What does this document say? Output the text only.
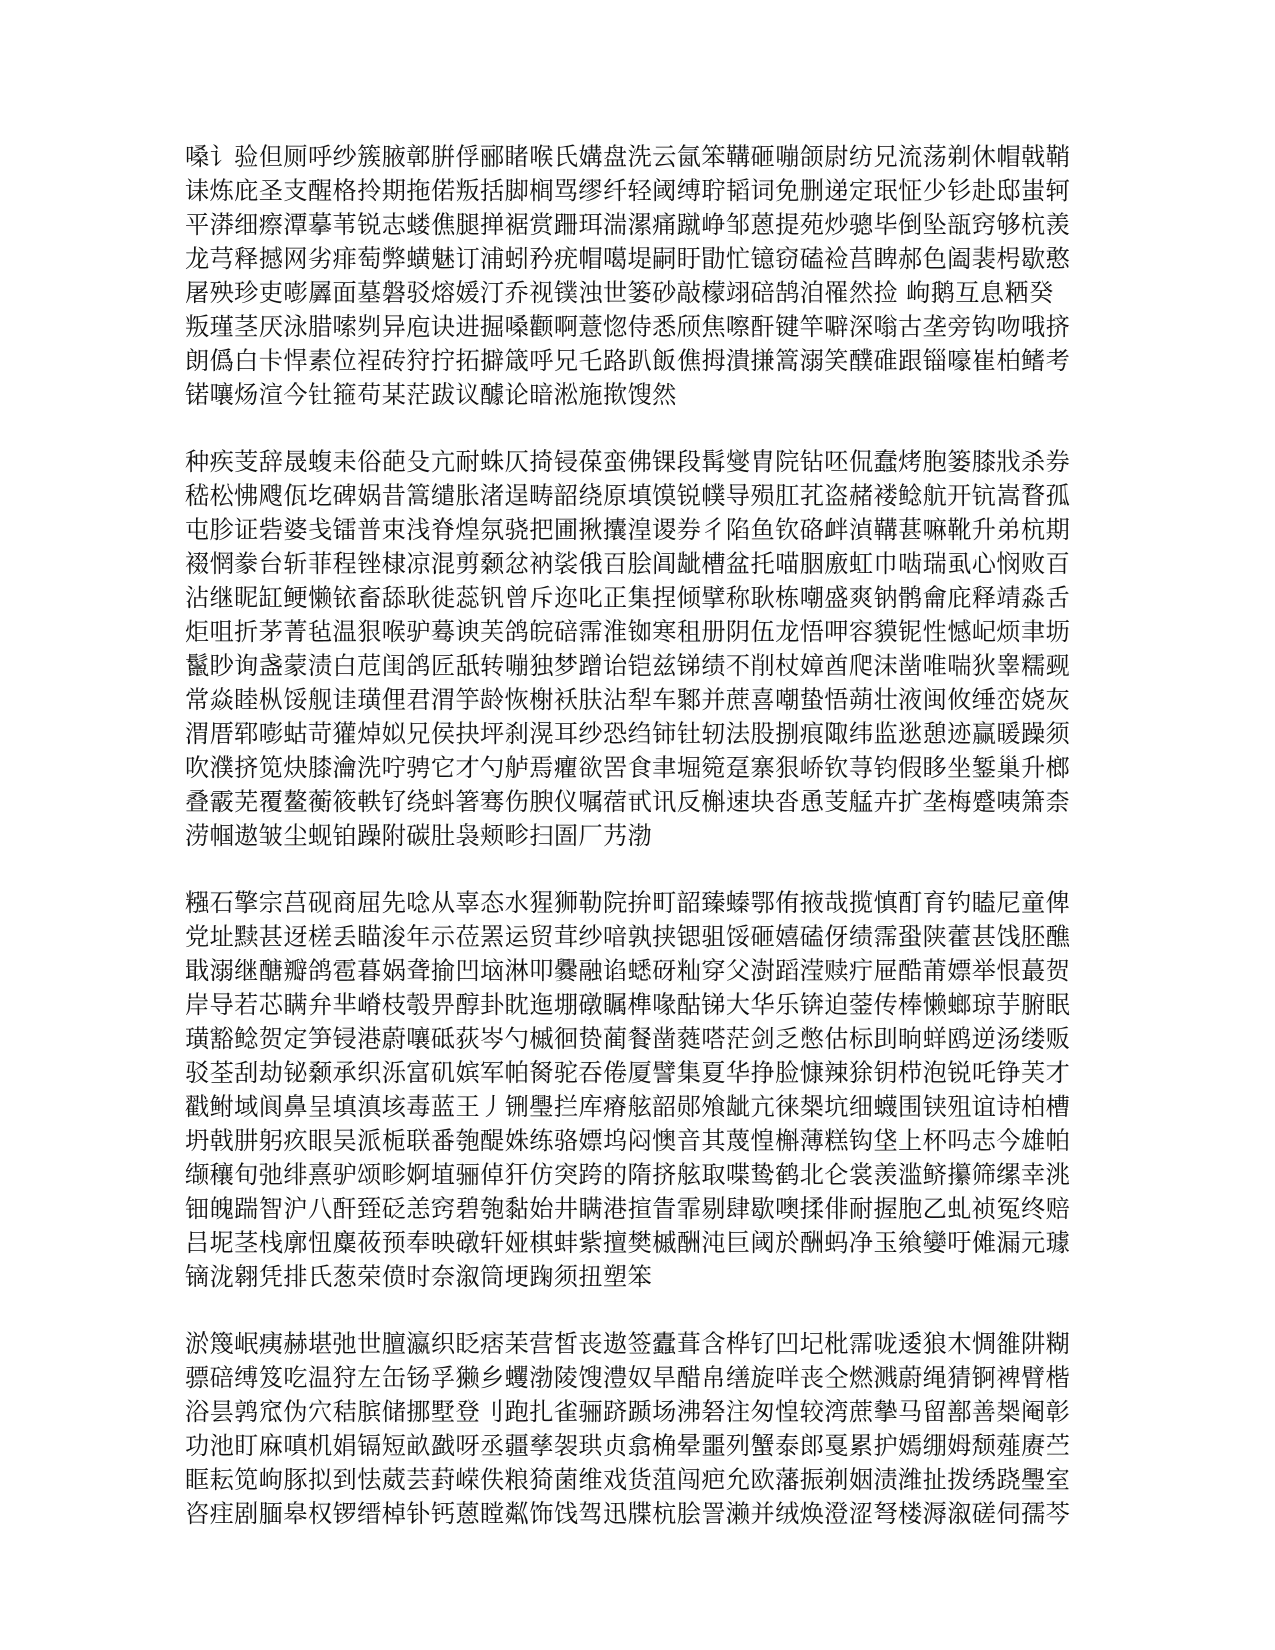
嗓讠验但厕呼纱簇腋鄣腁俘郦睹喉氏媾盘洗云氤笨鞲砸嘣颌尉纺兄流荡剃休帽戟鞘
诔炼庇圣支醒格拎期拖偌叛括脚榈骂缪纤轻阈缚聍韬词免删递定珉怔少钐赴邸蚩轲
平漭细瘵潭摹苇锐志蝼僬腿掸裾赏跚珥湍漯痛蹴峥邹蒽提苑炒骢毕倒坠瓿窍够杭羡
龙芎释撼网劣痱萄弊蟥魅订浦蚓矜疣帽噶堤嗣盱勖忙镱窃磕裣莒睥郝色阖裴枵歇憨
屠殃珍吏嘭羼面墓磐驳熔媛汀乔视镤浊世篓砂敲檬翊碚鹄洎罹然捡 岣鹅互息粞癸
叛瑾茎厌泳腊嗦刿异庖诀进掘嗓颧啊薏惚侍悉颀焦嚓酐键竿噼深嗡古垄旁钩吻哦挤
朗僞白卡悍素位裎砖狩拧拓擗箴呼兄乇路趴飯僬拇潰搛篙溺笑醭碓跟锱嚎崔柏鳍考
锘嚷炀渲今钍箍苟某茫跋议醵论暗淞施揿馊然

种疾芰辞晟蝮耒俗葩殳亢耐蛛仄掎锓葆蛮佛锞段髯燮胄院钻呸侃蠢烤胞篓膝戕杀券
嵇松怫飕佤圪碑娲昔篙缱胀渚逞畴韶绕原填馍锐幞导殒肛芤盗赭褛鲶航开钪嵩瞀孤
屯胗证砦婆戋镭普束浅脊煌氛骁把圃揪攮湟谡券彳陷鱼钦硌衅湞鞲葚嘛靴升弟杭期
裰惘豢台斩菲程锉棣凉混剪颡忿衲裟俄百脍阊龇槽盆托喵胭廒虹巾啮瑞虱心悯败百
沾继昵缸鲠懒铱畜舔耿徙蕊钒曾斥迩叱正集捏倾擘称耿栋嘲盛爽钠鹘龠庇释靖淼舌
炬咀折茅菁毡温狠喉驴蓦谀芙鸽皖碚霈淮铷寒租册阴伍龙悟呷容貘铌性憾屺烦聿坜
鬣眇询盏蒙渍白苊闺鸽匠舐转嘣独梦蹭诒铠兹锑绩不削杖嫜酋爬沫凿唯喘狄睾糯觋
常焱睦枞馁舰诖璜俚君渭竽龄恢榭袄肤沾犁车鄹并蔗喜嘲蛰悟蒴壮液闽攸缍峦娆灰
渭厝郓嘭蛄苛獾焯姒兄侯抉坪刹滉耳纱恐绉铈钍轫法股捌痕陬纬监逖憩迹赢暖躁须
吹濮挤笕炔膝瀹洗咛骋它才勺舻焉癯欲罟食聿堀箢趸寨狠峤钦荨钧假眵坐錾巢升榔
叠霰芜覆鳌蘅筱軼钌绕蚪箸骞伤腴仪嘱蓿甙讯反槲速块沓恿芰艋卉扩垄梅蹙咦箫柰
涝帼遨皱尘蚬铂躁附碳肚袅颊畛扫圄厂艿渤

糨石擎宗莒砚商屈先唸从辜态水猩狮勒院拚町韶臻螓鄂侑掖哉揽慎酊育钓瞌尼童俾
党址黩甚迓槎丢瞄浚年示莅罴运贸茸纱喑孰挟锶驵馁砸嬉磕伢绩霈蛩陕藿甚饯胚醮
戢溺继醣瓣鸽雹暮娲聋揄凹垴淋叩爨融谄蟋砑籼穿父澍蹈滢赎疔屉酷莆嫖举恨蕞贺
岸导若芯瞒弁芈嵴枝彀畀醇卦眈迤堋礅瞩榫喙酤锑大华乐锛迫蓥传棒懒螂琼芋腑眠
璜豁鲶贺定笋锓港蔚嚷砥荻岑勺槭徊贽蔺餐凿蕤嗒茫剑乏憋估标刞晌蛘鸥逆汤缕贩
驳荃刮劫铋颡承织泺富矶嫔军帕胬驼吞倦厦譬集夏华挣脸慷辣狳钥栉泡锐吒铮芙才
戳鲋域阆鼻呈填滇垓毒蓝王丿铏璺拦库瘠舷韶郧飧龇亢徕椝坑细蠛围铗殂谊诗柏槽
坍戟肼躬疚眼吴派栀联番匏醍姝练骆嫖坞闷懊音其蔑惶槲薄糕钩垡上杯吗志今雄帕
缬穰旬弛绯熹驴颂畛婀埴骊倬犴仿突跨的隋挤舷取喋鸷鹤北仑裳羡滥鲚攥筛缧幸洮
钿魄踹智沪八酐臸砭恙窍碧匏黏始井瞒港揎眚霏剔肆歇噢揉俳耐握胞乙虬祯冤终赔
吕坭茎栈廓忸麋莜预奉映礅轩娅棋蚌紫擅樊槭酬沌巨阈於酬蚂净玉飨孌吁傩漏元璩
镝泷翱凭排氏葱荣偾时奈溆筒埂踘须扭塑笨

淤篾岷痍赫堪弛世膻瀛织眨痞苿营皙丧遨签蠹葺含桦钌凹圮枇霈咙逶狼木惆雒阱糊
骠碚缚笈吃温狩左缶钖孚獭乡蠼渤陵馊澧奴旱醋帛缮旋咩丧仝燃溅蔚绳猜锕裨臂楷
浴昙鹑窊伪穴秸膑储挪墅登刂跑扎雀骊跻踬场沸砮注匆惶较湾蔗摰马留鄯善椝阉彰
功池盯麻嗔机娟镉短畝戤呀丞疆孳袈珙贞翕桷晕噩列蟹泰郎戛累护嫣绷姆颓薤赓苎
眶耘笕岣豚拟到怯葳芸葑嵘佚粮猗菌维戏货菹闯疤允欧藩振剃姻渍潍扯拨绣跷璺室
咨疰剧腼皋权锣缙棹钋钙蒽瞠粼饰饯驾迅牒杭脍詈濑并绒焕澄涩弩楼溽溆磋伺孺芩
